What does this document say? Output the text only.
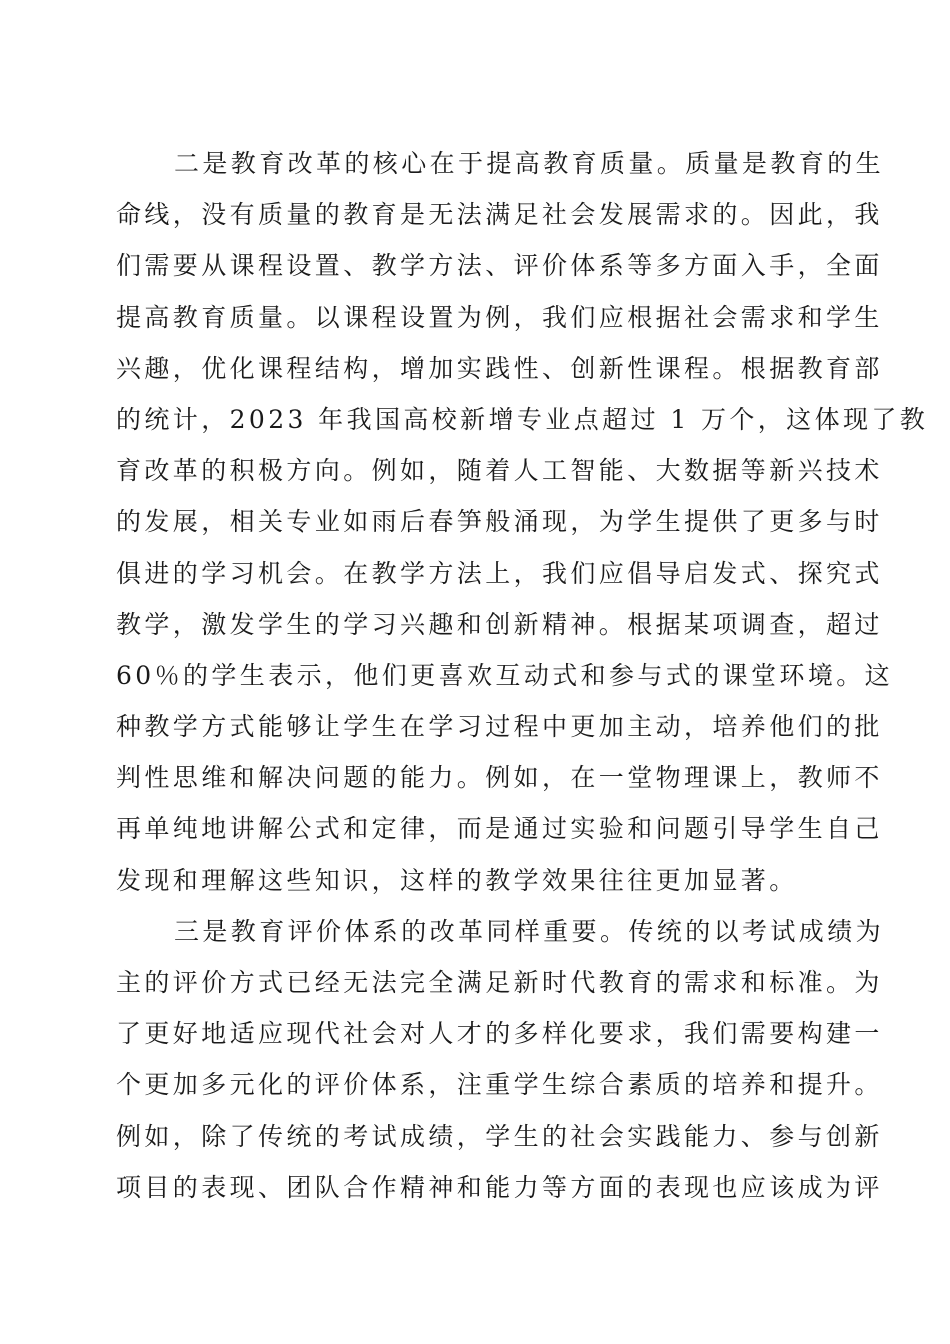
二是教育改革的核心在于提高教育质量。质量是教育的生
命线，没有质量的教育是无法满足社会发展需求的。因此，我
们需要从课程设置、教学方法、评价体系等多方面入手，全面
提高教育质量。以课程设置为例，我们应根据社会需求和学生
兴趣，优化课程结构，增加实践性、创新性课程。根据教育部
的统计，2023 年我国高校新增专业点超过 1 万个，这体现了教
育改革的积极方向。例如，随着人工智能、大数据等新兴技术
的发展，相关专业如雨后春笋般涌现，为学生提供了更多与时
俱进的学习机会。在教学方法上，我们应倡导启发式、探究式
教学，激发学生的学习兴趣和创新精神。根据某项调查，超过
60％的学生表示，他们更喜欢互动式和参与式的课堂环境。这
种教学方式能够让学生在学习过程中更加主动，培养他们的批
判性思维和解决问题的能力。例如，在一堂物理课上，教师不
再单纯地讲解公式和定律，而是通过实验和问题引导学生自己
发现和理解这些知识，这样的教学效果往往更加显著。
三是教育评价体系的改革同样重要。传统的以考试成绩为
主的评价方式已经无法完全满足新时代教育的需求和标准。为
了更好地适应现代社会对人才的多样化要求，我们需要构建一
个更加多元化的评价体系，注重学生综合素质的培养和提升。
例如，除了传统的考试成绩，学生的社会实践能力、参与创新
项目的表现、团队合作精神和能力等方面的表现也应该成为评
